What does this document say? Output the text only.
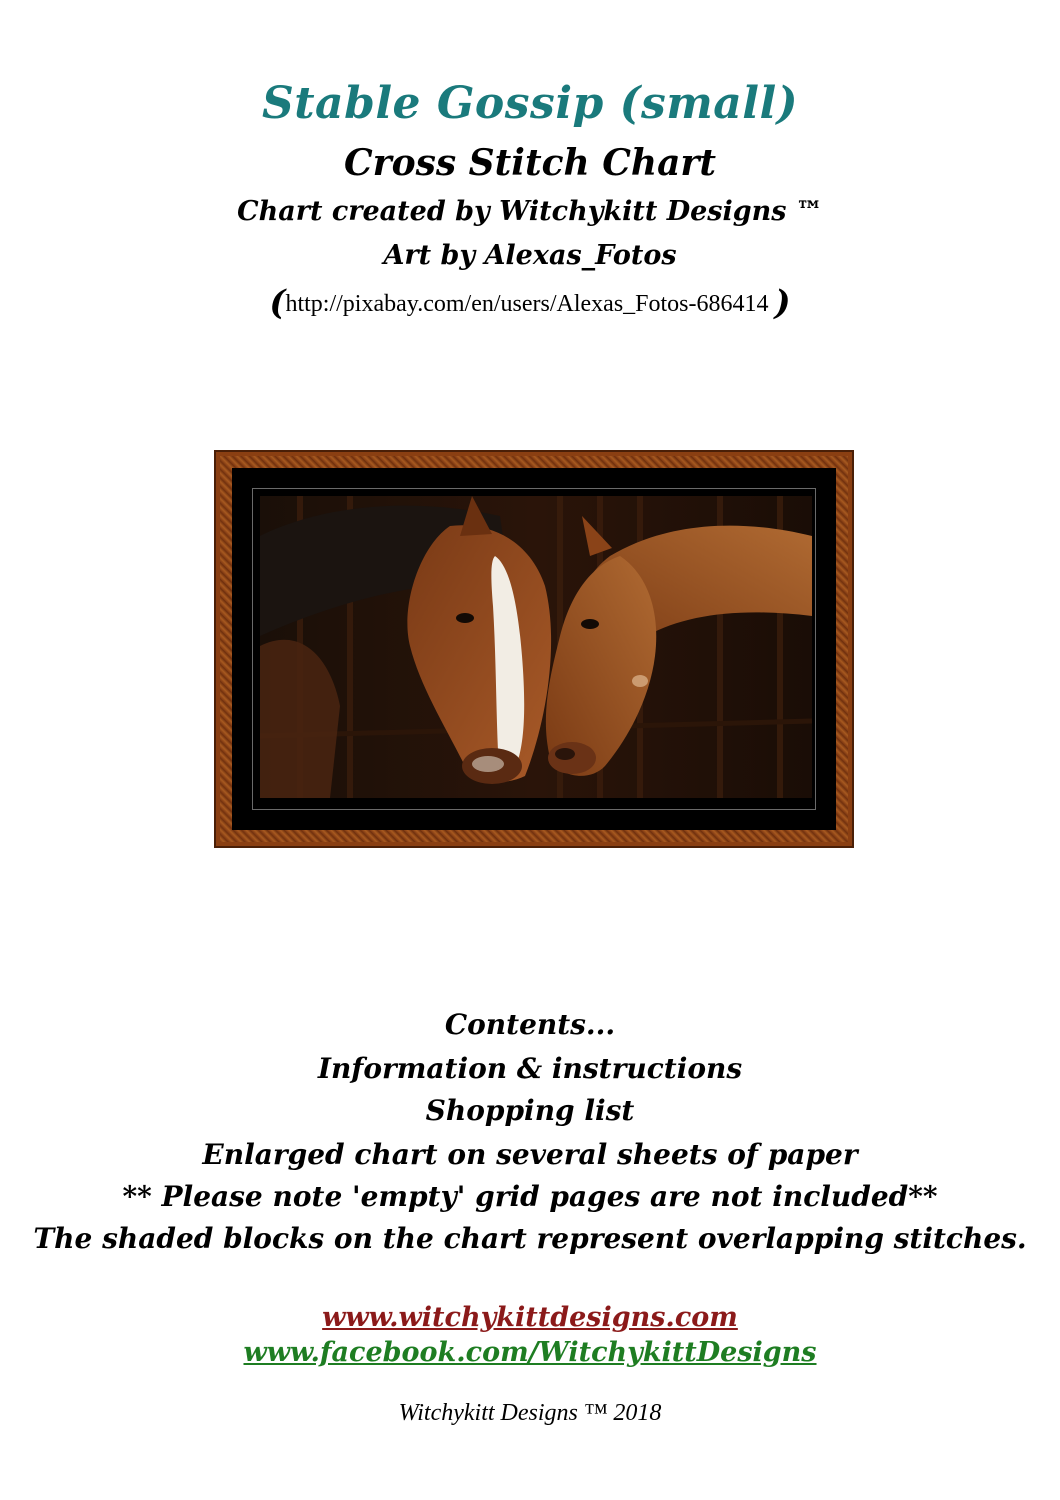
Stable Gossip (small)
Cross Stitch Chart
Chart created by Witchykitt Designs ™
Art by Alexas_Fotos
(http://pixabay.com/en/users/Alexas_Fotos-686414 )
Contents...
Information & instructions
Shopping list
Enlarged chart on several sheets of paper
** Please note 'empty' grid pages are not included**
The shaded blocks on the chart represent overlapping stitches.
www.witchykittdesigns.com
www.facebook.com/WitchykittDesigns
Witchykitt Designs ™ 2018
